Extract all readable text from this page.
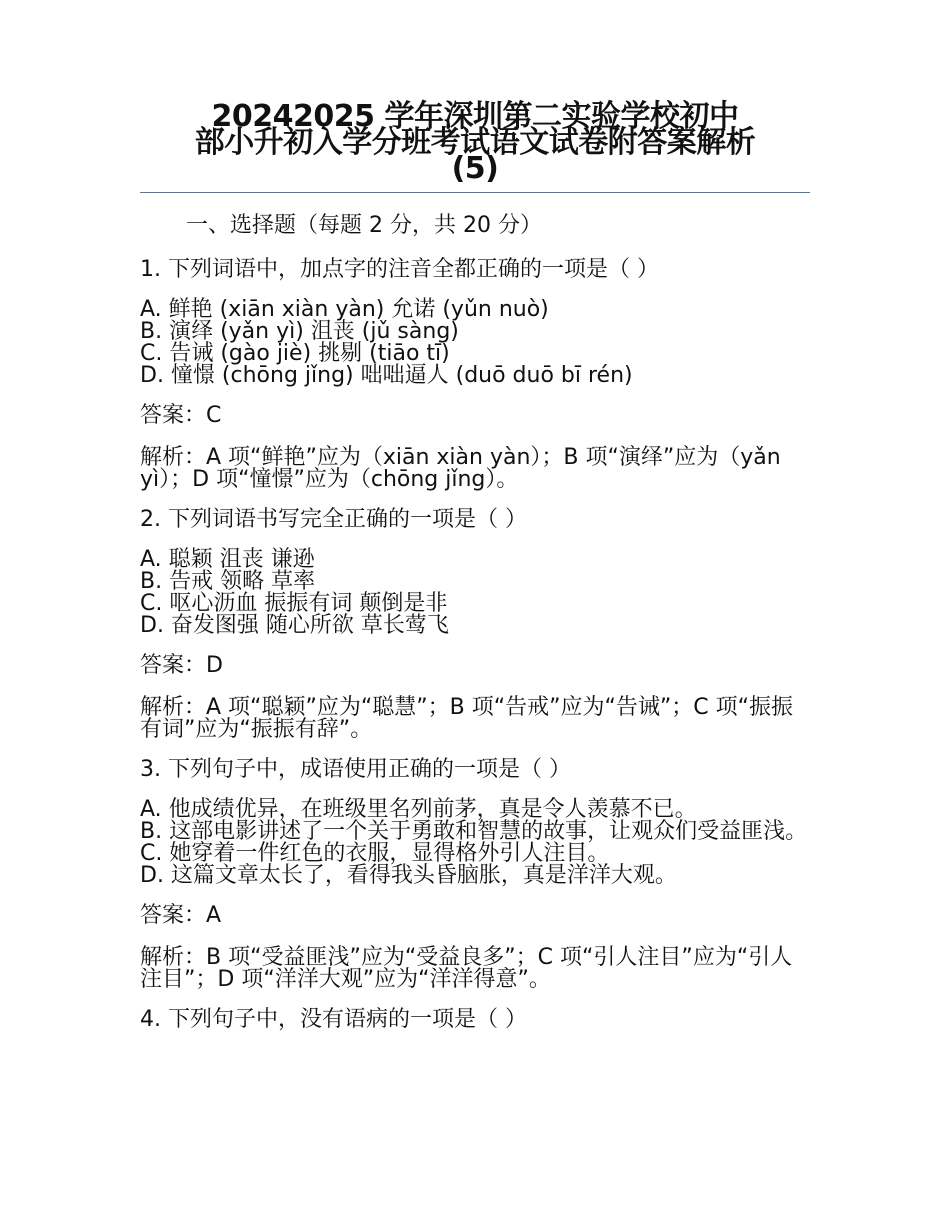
20242025 学年深圳第二实验学校初中
部小升初入学分班考试语文试卷附答案解析
(5)
一、选择题（每题 2 分，共 20 分）
1. 下列词语中，加点字的注音全都正确的一项是（ ）
A. 鲜艳 (xiān xiàn yàn) 允诺 (yǔn nuò)
B. 演绎 (yǎn yì) 沮丧 (jǔ sàng)
C. 告诫 (gào jiè) 挑剔 (tiāo tī)
D. 憧憬 (chōng jǐng) 咄咄逼人 (duō duō bī rén)
答案：C
解析：A 项“鲜艳”应为（xiān xiàn yàn）；B 项“演绎”应为（yǎn yì）；D 项“憧憬”应为（chōng jǐng）。
2. 下列词语书写完全正确的一项是（ ）
A. 聪颖 沮丧 谦逊
B. 告戒 领略 草率
C. 呕心沥血 振振有词 颠倒是非
D. 奋发图强 随心所欲 草长莺飞
答案：D
解析：A 项“聪颖”应为“聪慧”；B 项“告戒”应为“告诫”；C 项“振振有词”应为“振振有辞”。
3. 下列句子中，成语使用正确的一项是（ ）
A. 他成绩优异，在班级里名列前茅，真是令人羡慕不已。
B. 这部电影讲述了一个关于勇敢和智慧的故事，让观众们受益匪浅。
C. 她穿着一件红色的衣服，显得格外引人注目。
D. 这篇文章太长了，看得我头昏脑胀，真是洋洋大观。
答案：A
解析：B 项“受益匪浅”应为“受益良多”；C 项“引人注目”应为“引人注目”；D 项“洋洋大观”应为“洋洋得意”。
4. 下列句子中，没有语病的一项是（ ）
